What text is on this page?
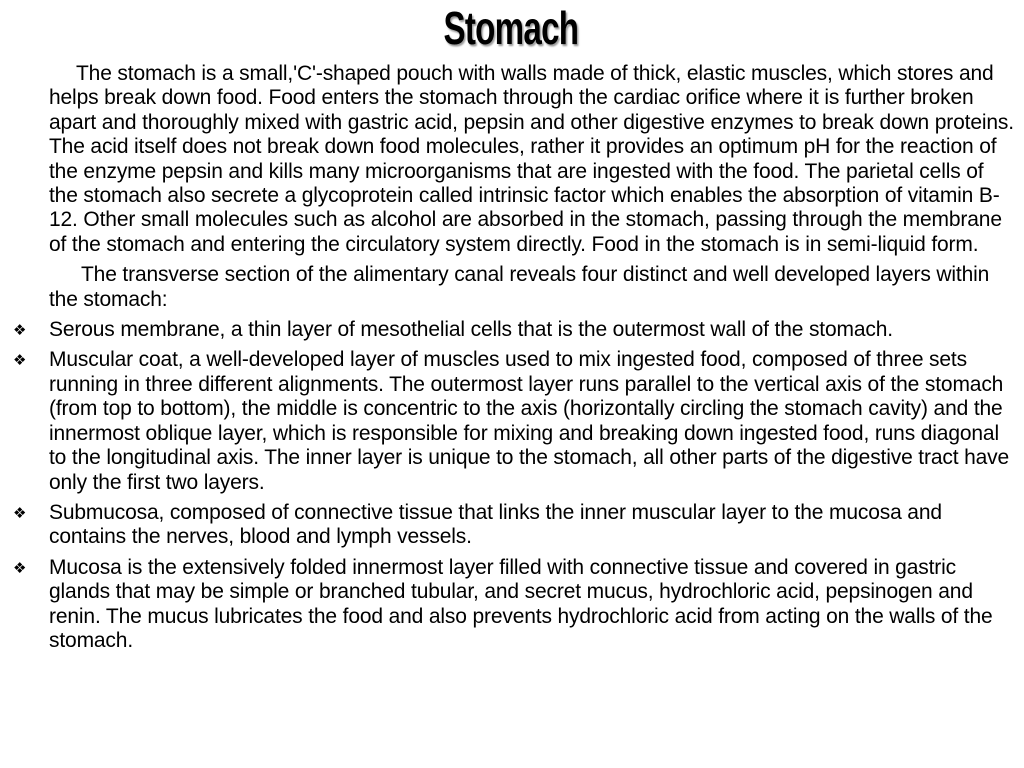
Stomach

The stomach is a small,'C'-shaped pouch with walls made of thick, elastic muscles, which stores and helps break down food. Food enters the stomach through the cardiac orifice where it is further broken apart and thoroughly mixed with gastric acid, pepsin and other digestive enzymes to break down proteins. The acid itself does not break down food molecules, rather it provides an optimum pH for the reaction of the enzyme pepsin and kills many microorganisms that are ingested with the food. The parietal cells of the stomach also secrete a glycoprotein called intrinsic factor which enables the absorption of vitamin B-12. Other small molecules such as alcohol are absorbed in the stomach, passing through the membrane of the stomach and entering the circulatory system directly. Food in the stomach is in semi-liquid form.

The transverse section of the alimentary canal reveals four distinct and well developed layers within the stomach:

❖ Serous membrane, a thin layer of mesothelial cells that is the outermost wall of the stomach.
❖ Muscular coat, a well-developed layer of muscles used to mix ingested food, composed of three sets running in three different alignments. The outermost layer runs parallel to the vertical axis of the stomach (from top to bottom), the middle is concentric to the axis (horizontally circling the stomach cavity) and the innermost oblique layer, which is responsible for mixing and breaking down ingested food, runs diagonal to the longitudinal axis. The inner layer is unique to the stomach, all other parts of the digestive tract have only the first two layers.
❖ Submucosa, composed of connective tissue that links the inner muscular layer to the mucosa and contains the nerves, blood and lymph vessels.
❖ Mucosa is the extensively folded innermost layer filled with connective tissue and covered in gastric glands that may be simple or branched tubular, and secret mucus, hydrochloric acid, pepsinogen and renin. The mucus lubricates the food and also prevents hydrochloric acid from acting on the walls of the stomach.
